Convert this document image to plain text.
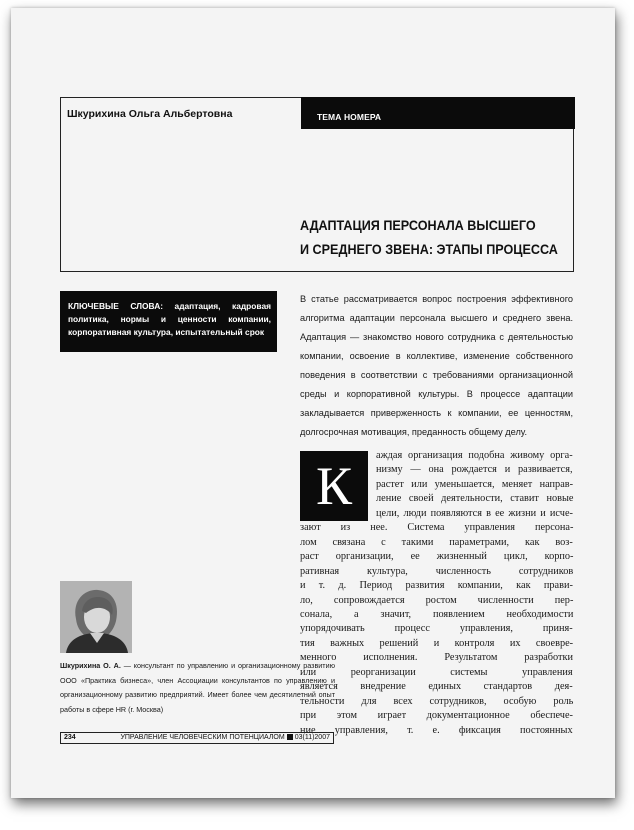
Шкурихина Ольга Альбертовна	ТЕМА НОМЕРА
АДАПТАЦИЯ ПЕРСОНАЛА ВЫСШЕГО
И СРЕДНЕГО ЗВЕНА: ЭТАПЫ ПРОЦЕССА
КЛЮЧЕВЫЕ СЛОВА: адаптация, кадровая политика, нормы и ценности компании, корпоративная культура, испытательный срок
В статье рассматривается вопрос построения эффективного алгоритма адаптации персонала высшего и среднего звена. Адаптация — знакомство нового сотрудника с деятельностью компании, освоение в коллективе, изменение собственного поведения в соответствии с требованиями организационной среды и корпоративной культуры. В процессе адаптации закладывается приверженность к компании, ее ценностям, долгосрочная мотивация, преданность общему делу.
К
аждая организация подобна живому орга-
низму — она рождается и развивается,
растет или уменьшается, меняет направ-
ление своей деятельности, ставит новые
цели, люди появляются в ее жизни и исче-
зают из нее. Система управления персона-
лом связана с такими параметрами, как воз-
раст организации, ее жизненный цикл, корпо-
ративная культура, численность сотрудников
и т. д. Период развития компании, как прави-
ло, сопровождается ростом численности пер-
сонала, а значит, появлением необходимости
упорядочивать процесс управления, приня-
тия важных решений и контроля их своевре-
менного исполнения. Результатом разработки
или реорганизации системы управления
является внедрение единых стандартов дея-
тельности для всех сотрудников, особую роль
при этом играет документационное обеспече-
ние управления, т. е. фиксация постоянных
Шкурихина О. А. — консультант по управлению и организационному развитию ООО «Практика бизнеса», член Ассоциации консультантов по управлению и организационному развитию предприятий. Имеет более чем десятилетний опыт работы в сфере HR (г. Москва)
234	УПРАВЛЕНИЕ ЧЕЛОВЕЧЕСКИМ ПОТЕНЦИАЛОМ 03(11)2007
